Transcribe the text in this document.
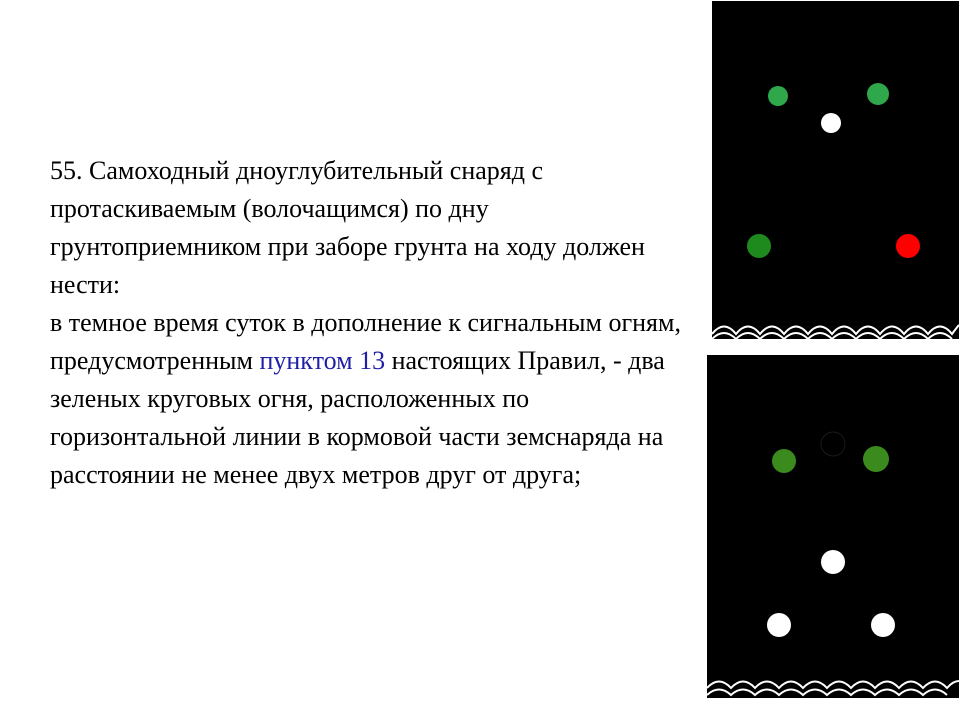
55. Самоходный дноуглубительный снаряд с протаскиваемым (волочащимся) по дну грунтоприемником при заборе грунта на ходу должен нести:

в темное время суток в дополнение к сигнальным огням, предусмотренным пунктом 13 настоящих Правил, - два зеленых круговых огня, расположенных по горизонтальной линии в кормовой части земснаряда на расстоянии не менее двух метров друг от друга;
